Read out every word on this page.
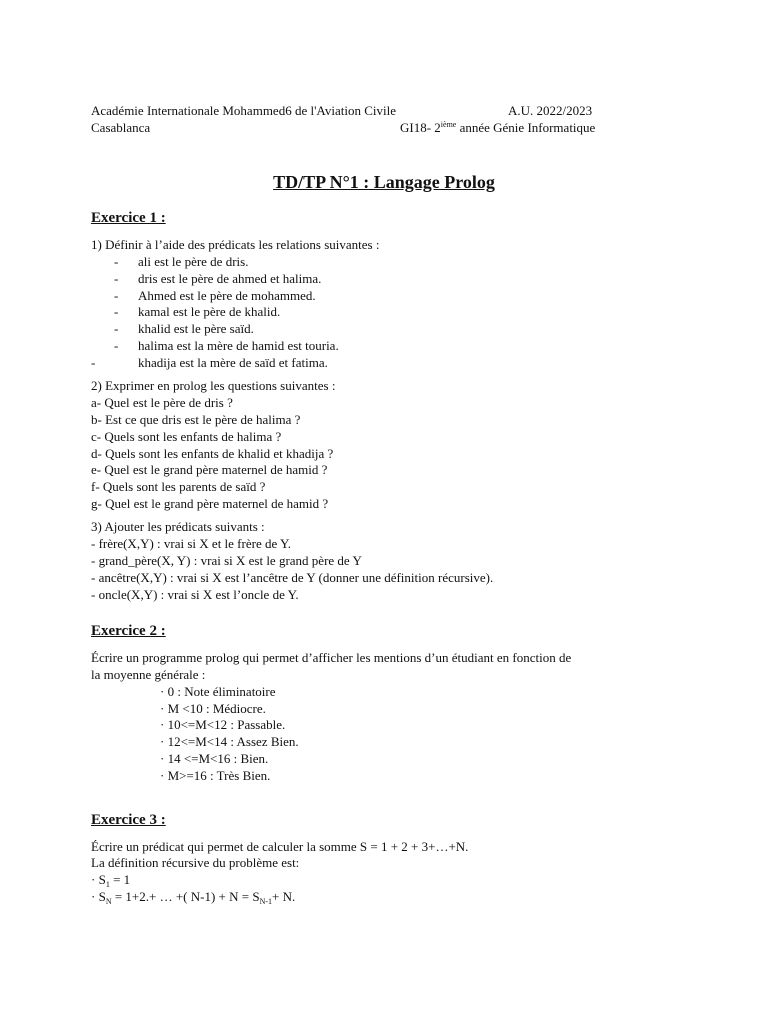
Académie Internationale Mohammed6 de l'Aviation Civile	A.U. 2022/2023
Casablanca	GI18- 2ième année Génie Informatique
TD/TP N°1 : Langage Prolog
Exercice 1 :
1) Définir à l’aide des prédicats les relations suivantes :
- ali est le père de dris.
- dris est le père de ahmed et halima.
- Ahmed est le père de mohammed.
- kamal est le père de khalid.
- khalid est le père saïd.
- halima est la mère de hamid est touria.
-	khadija est la mère de saïd et fatima.
2) Exprimer en prolog les questions suivantes :
a- Quel est le père de dris ?
b- Est ce que dris est le père de halima ?
c- Quels sont les enfants de halima ?
d- Quels sont les enfants de khalid et khadija ?
e- Quel est le grand père maternel de hamid ?
f- Quels sont les parents de saïd ?
g- Quel est le grand père maternel de hamid ?
3) Ajouter les prédicats suivants :
- frère(X,Y) : vrai si X et le frère de Y.
- grand_père(X, Y) : vrai si X est le grand père de Y
- ancêtre(X,Y) : vrai si X est l’ancêtre de Y (donner une définition récursive).
- oncle(X,Y) : vrai si X est l’oncle de Y.
Exercice 2 :
Écrire un programme prolog qui permet d’afficher les mentions d’un étudiant en fonction de
la moyenne générale :
· 0 : Note éliminatoire
· M <10 : Médiocre.
· 10<=M<12 : Passable.
· 12<=M<14 : Assez Bien.
· 14 <=M<16 : Bien.
· M>=16 : Très Bien.
Exercice 3 :
Écrire un prédicat qui permet de calculer la somme S = 1 + 2 + 3+…+N.
La définition récursive du problème est:
· $S_1 = 1$
· $S_N = 1+2.+$ … +( $N-1) + N = S_{N-1}+ N$.
